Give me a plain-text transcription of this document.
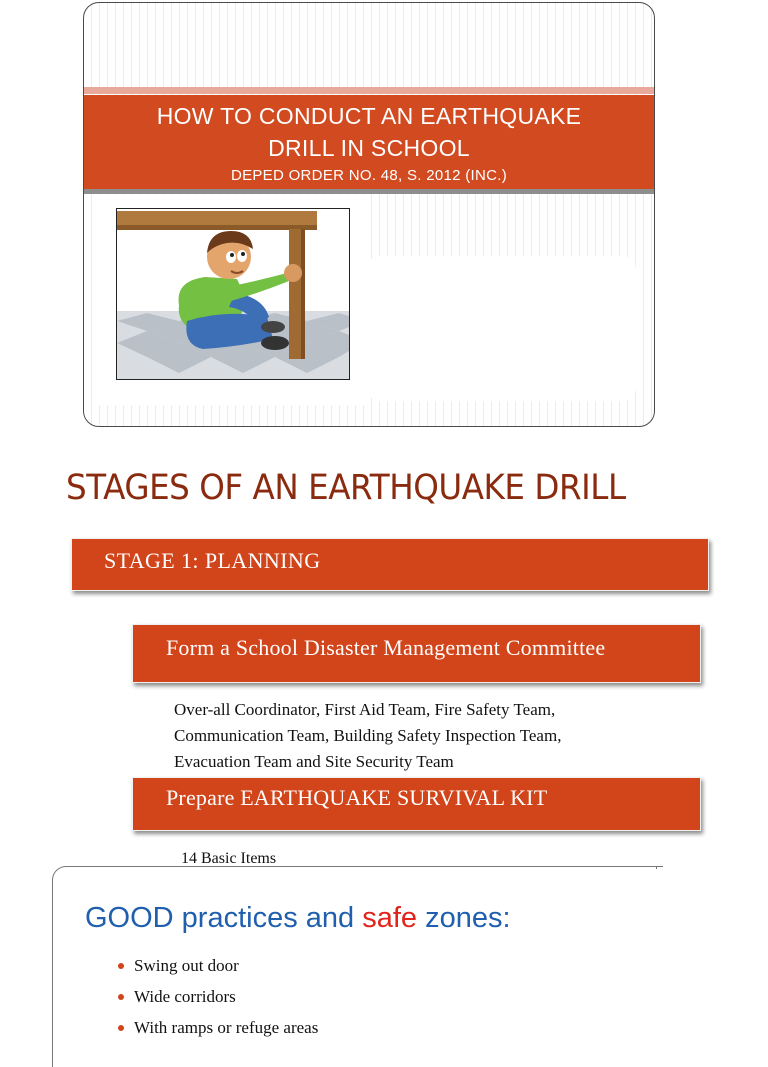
HOW TO CONDUCT AN EARTHQUAKE
DRILL IN SCHOOL
DEPED ORDER NO. 48, S. 2012 (INC.)
STAGES OF AN EARTHQUAKE DRILL
STAGE 1: PLANNING
Form a School Disaster Management Committee
Over-all Coordinator, First Aid Team, Fire Safety Team,
Communication Team, Building Safety Inspection Team,
Evacuation Team and Site Security Team
Prepare EARTHQUAKE SURVIVAL KIT
14 Basic Items
GOOD practices and safe zones:
Swing out door
Wide corridors
With ramps or refuge areas
